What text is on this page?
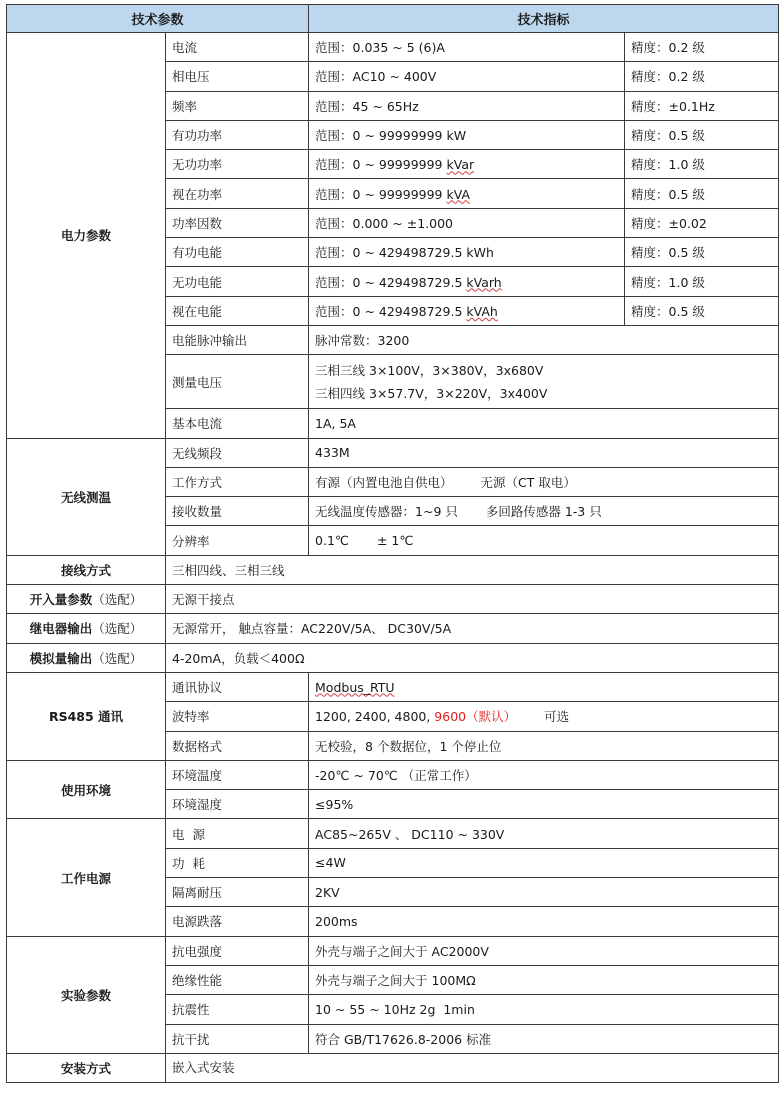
技术参数		技术指标	
电力参数	电流	范围：0.035 ~ 5 (6)A	精度：0.2 级
	相电压	范围：AC10 ~ 400V	精度：0.2 级
	频率	范围：45 ~ 65Hz	精度：±0.1Hz
	有功功率	范围：0 ~ 99999999 kW	精度：0.5 级
	无功功率	范围：0 ~ 99999999 kVar	精度：1.0 级
	视在功率	范围：0 ~ 99999999 kVA	精度：0.5 级
	功率因数	范围：0.000 ~ ±1.000	精度：±0.02
	有功电能	范围：0 ~ 429498729.5 kWh	精度：0.5 级
	无功电能	范围：0 ~ 429498729.5 kVarh	精度：1.0 级
	视在电能	范围：0 ~ 429498729.5 kVAh	精度：0.5 级
	电能脉冲输出	脉冲常数：3200	
	测量电压	三相三线 3×100V，3×380V，3x680V
三相四线 3×57.7V，3×220V，3x400V	

	基本电流	1A, 5A	
无线测温	无线频段	433M	
	工作方式	有源（内置电池自供电） 无源（CT 取电）	
	接收数量	无线温度传感器：1~9 只 多回路传感器 1-3 只	
	分辨率	0.1℃ ± 1℃	
接线方式	三相四线、三相三线		
开入量参数（选配）	无源干接点		
继电器输出（选配）	无源常开， 触点容量：AC220V/5A、 DC30V/5A		
模拟量输出（选配）	4-20mA，负载＜400Ω		
RS485 通讯	通讯协议	Modbus_RTU	
	波特率	1200, 2400, 4800, 9600（默认） 可选	
	数据格式	无校验，8 个数据位，1 个停止位	
使用环境	环境温度	-20℃ ~ 70℃ （正常工作）	
	环境湿度	≤95%	
工作电源	电  源	AC85~265V 、 DC110 ~ 330V	
	功  耗	≤4W	
	隔离耐压	2KV	
	电源跌落	200ms	
实验参数	抗电强度	外壳与端子之间大于 AC2000V	
	绝缘性能	外壳与端子之间大于 100MΩ	
	抗震性	10 ~ 55 ~ 10Hz 2g  1min	
	抗干扰	符合 GB/T17626.8-2006 标准	
安装方式	嵌入式安装		
